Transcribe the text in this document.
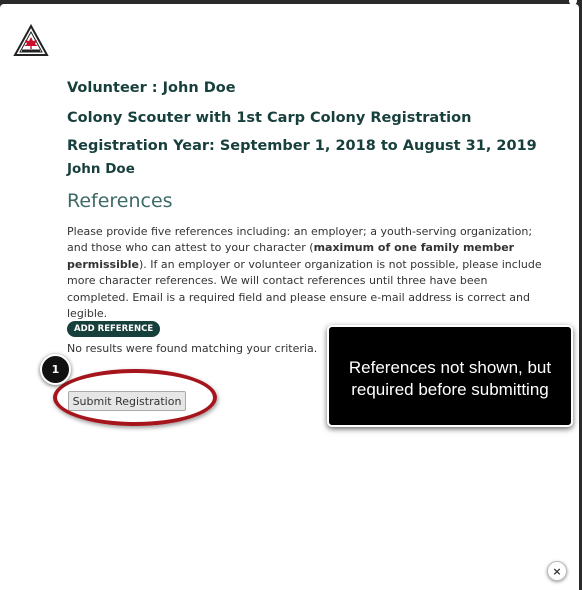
Volunteer : John Doe

Colony Scouter with 1st Carp Colony Registration

Registration Year: September 1, 2018 to August 31, 2019

John Doe

References

Please provide five references including: an employer; a youth-serving organization; and those who can attest to your character (maximum of one family member permissible). If an employer or volunteer organization is not possible, please include more character references. We will contact references until three have been completed. Email is a required field and please ensure e-mail address is correct and legible.

ADD REFERENCE
No results were found matching your criteria.
Submit Registration
×
1	References not shown, but required before submitting
